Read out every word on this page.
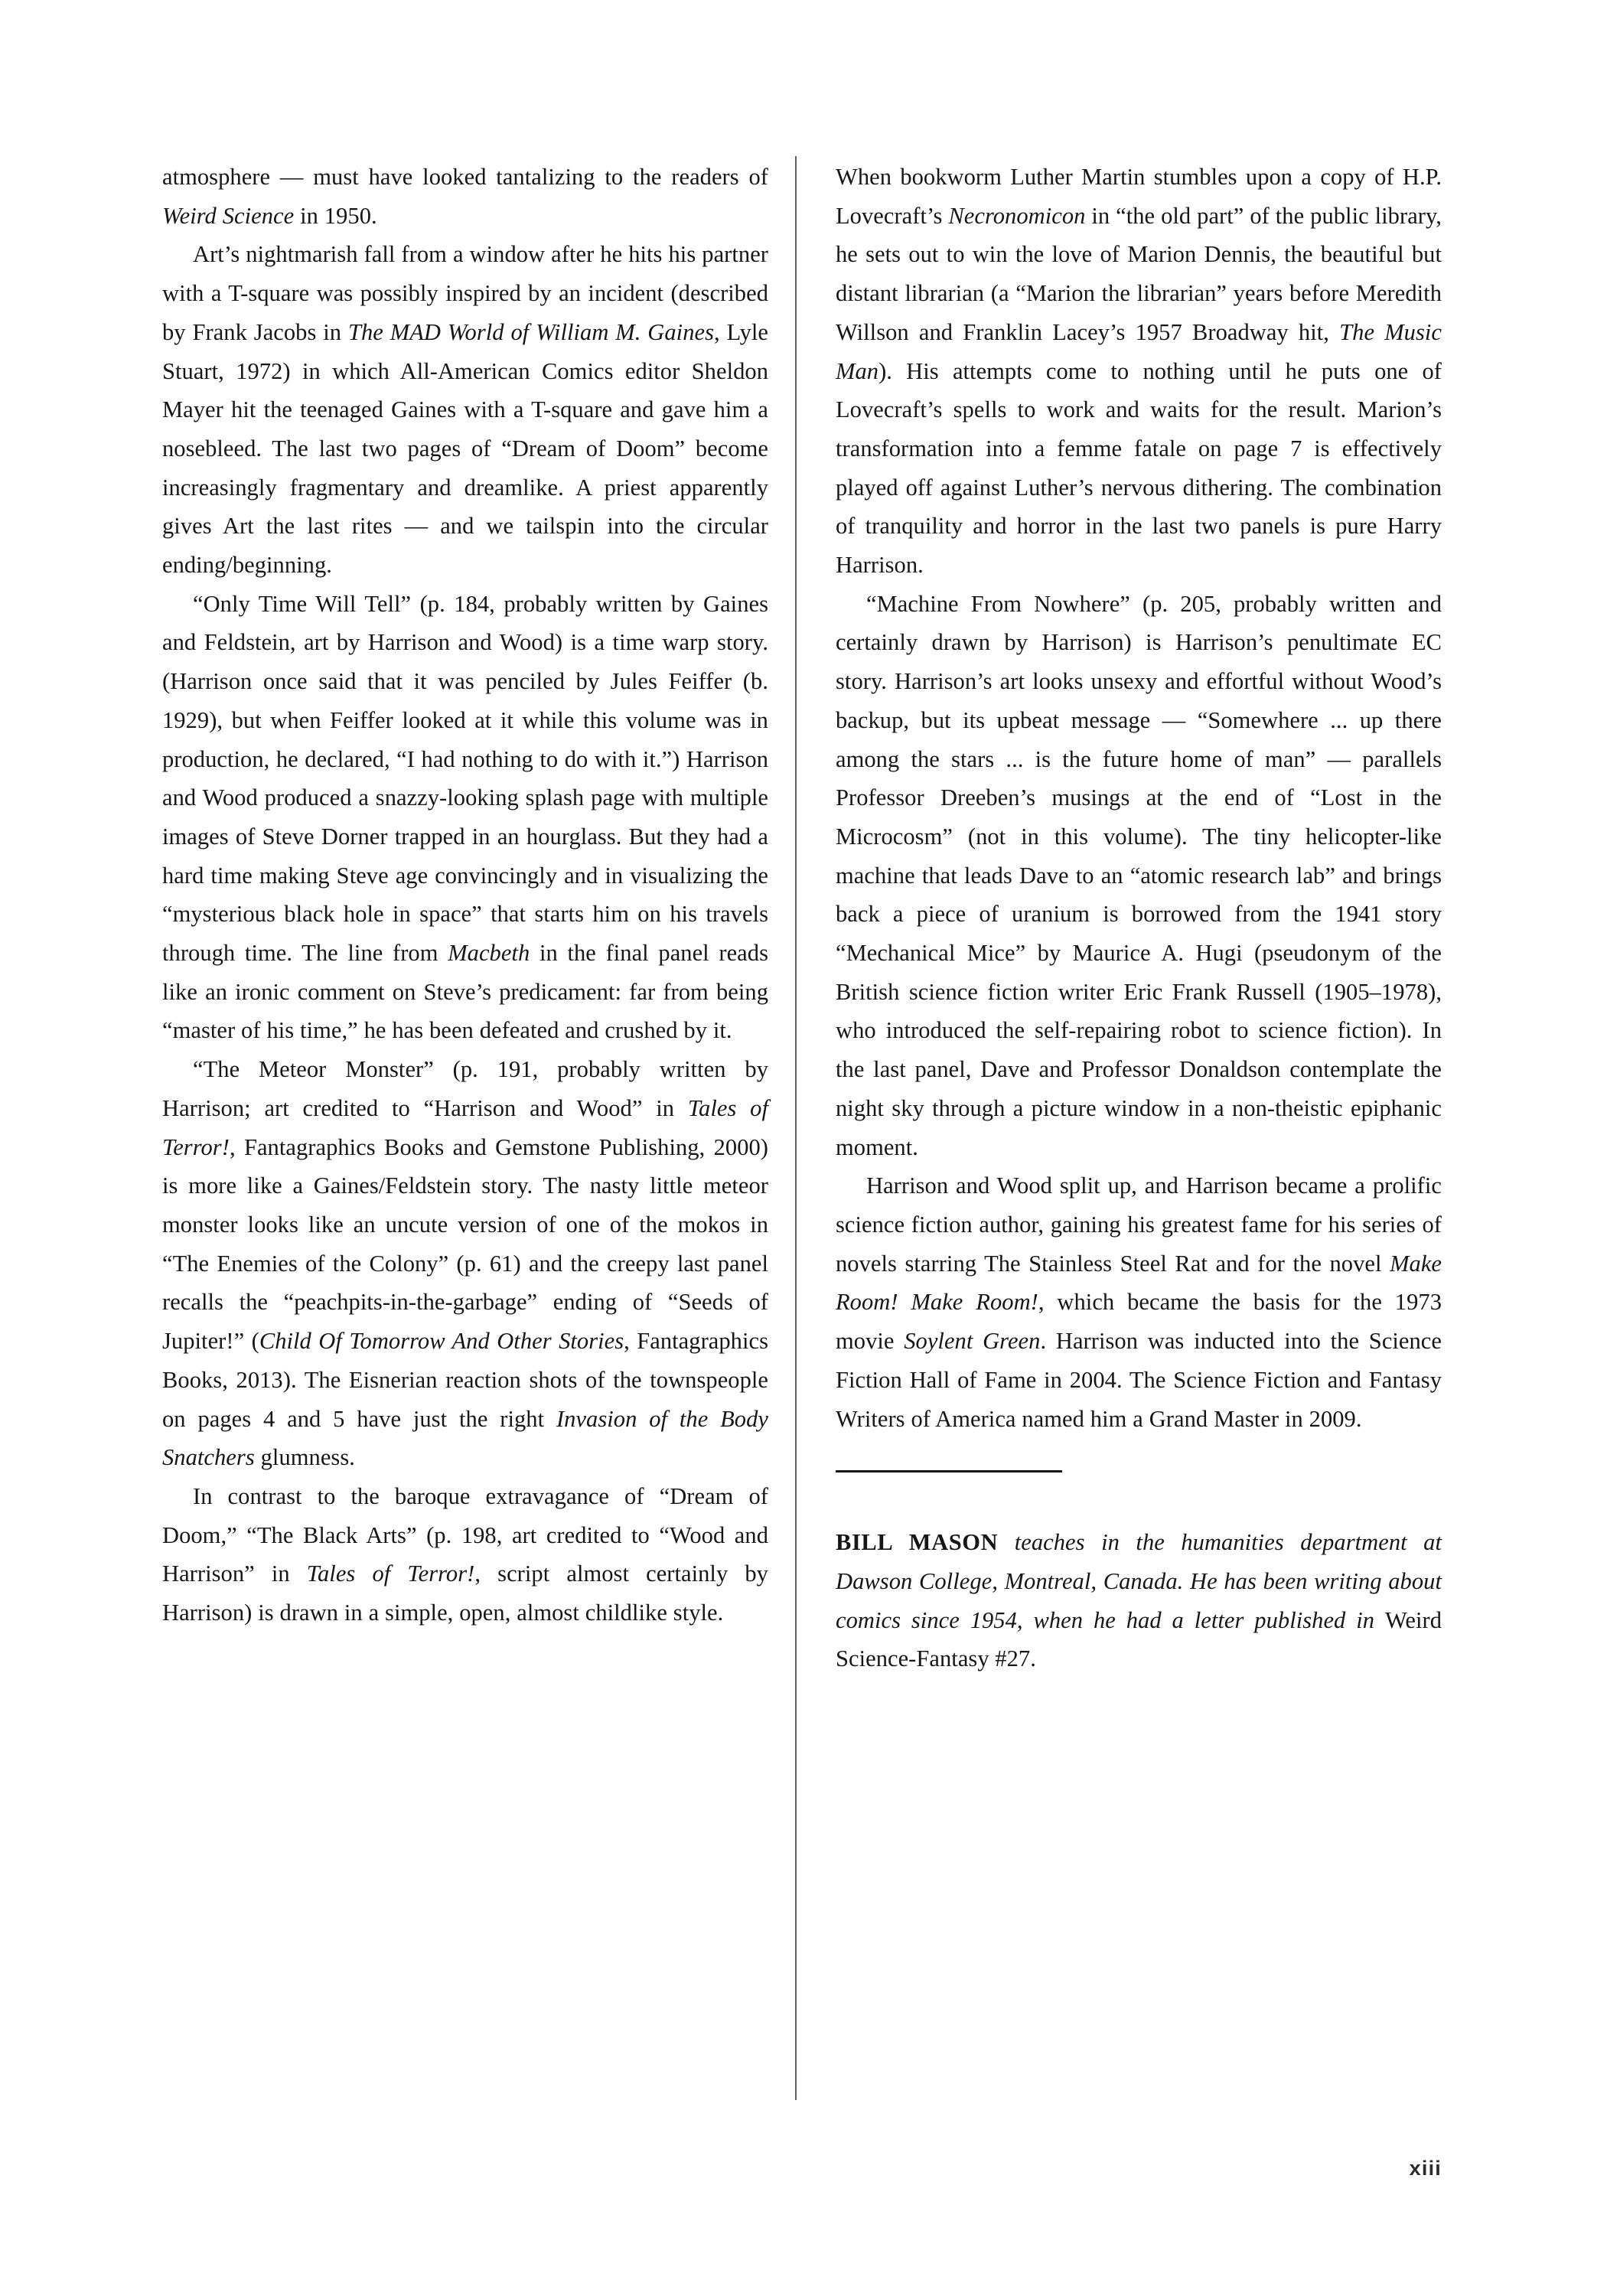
atmosphere — must have looked tantalizing to the readers of Weird Science in 1950.

Art’s nightmarish fall from a window after he hits his partner with a T-square was possibly inspired by an incident (described by Frank Jacobs in The MAD World of William M. Gaines, Lyle Stuart, 1972) in which All-American Comics editor Sheldon Mayer hit the teenaged Gaines with a T-square and gave him a nosebleed. The last two pages of “Dream of Doom” become increasingly fragmentary and dreamlike. A priest apparently gives Art the last rites — and we tailspin into the circular ending/beginning.

“Only Time Will Tell” (p. 184, probably written by Gaines and Feldstein, art by Harrison and Wood) is a time warp story. (Harrison once said that it was penciled by Jules Feiffer (b. 1929), but when Feiffer looked at it while this volume was in production, he declared, “I had nothing to do with it.”) Harrison and Wood produced a snazzy-looking splash page with multiple images of Steve Dorner trapped in an hourglass. But they had a hard time making Steve age convincingly and in visualizing the “mysterious black hole in space” that starts him on his travels through time. The line from Macbeth in the final panel reads like an ironic comment on Steve’s predicament: far from being “master of his time,” he has been defeated and crushed by it.

“The Meteor Monster” (p. 191, probably written by Harrison; art credited to “Harrison and Wood” in Tales of Terror!, Fantagraphics Books and Gemstone Publishing, 2000) is more like a Gaines/Feldstein story. The nasty little meteor monster looks like an uncute version of one of the mokos in “The Enemies of the Colony” (p. 61) and the creepy last panel recalls the “peachpits-in-the-garbage” ending of “Seeds of Jupiter!” (Child Of Tomorrow And Other Stories, Fantagraphics Books, 2013). The Eisnerian reaction shots of the townspeople on pages 4 and 5 have just the right Invasion of the Body Snatchers glumness.

In contrast to the baroque extravagance of “Dream of Doom,” “The Black Arts” (p. 198, art credited to “Wood and Harrison” in Tales of Terror!, script almost certainly by Harrison) is drawn in a simple, open, almost childlike style.

When bookworm Luther Martin stumbles upon a copy of H.P. Lovecraft’s Necronomicon in “the old part” of the public library, he sets out to win the love of Marion Dennis, the beautiful but distant librarian (a “Marion the librarian” years before Meredith Willson and Franklin Lacey’s 1957 Broadway hit, The Music Man). His attempts come to nothing until he puts one of Lovecraft’s spells to work and waits for the result. Marion’s transformation into a femme fatale on page 7 is effectively played off against Luther’s nervous dithering. The combination of tranquility and horror in the last two panels is pure Harry Harrison.

“Machine From Nowhere” (p. 205, probably written and certainly drawn by Harrison) is Harrison’s penultimate EC story. Harrison’s art looks unsexy and effortful without Wood’s backup, but its upbeat message — “Somewhere ... up there among the stars ... is the future home of man” — parallels Professor Dreeben’s musings at the end of “Lost in the Microcosm” (not in this volume). The tiny helicopter-like machine that leads Dave to an “atomic research lab” and brings back a piece of uranium is borrowed from the 1941 story “Mechanical Mice” by Maurice A. Hugi (pseudonym of the British science fiction writer Eric Frank Russell (1905–1978), who introduced the self-repairing robot to science fiction). In the last panel, Dave and Professor Donaldson contemplate the night sky through a picture window in a non-theistic epiphanic moment.

Harrison and Wood split up, and Harrison became a prolific science fiction author, gaining his greatest fame for his series of novels starring The Stainless Steel Rat and for the novel Make Room! Make Room!, which became the basis for the 1973 movie Soylent Green. Harrison was inducted into the Science Fiction Hall of Fame in 2004. The Science Fiction and Fantasy Writers of America named him a Grand Master in 2009.

BILL MASON teaches in the humanities department at Dawson College, Montreal, Canada. He has been writing about comics since 1954, when he had a letter published in Weird Science-Fantasy #27.

xiii
